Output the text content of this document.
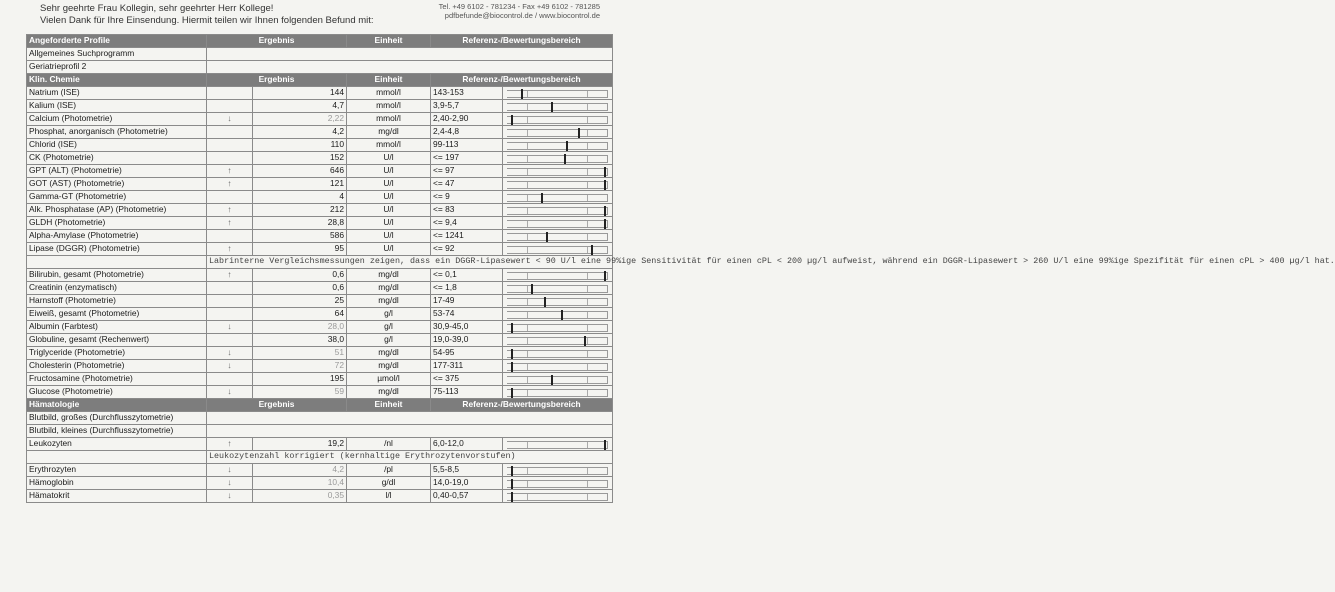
Sehr geehrte Frau Kollegin, sehr geehrter Herr Kollege!
Vielen Dank für Ihre Einsendung. Hiermit teilen wir Ihnen folgenden Befund mit:
Tel. +49 6102 - 781234 - Fax +49 6102 - 781285
pdfbefunde@biocontrol.de / www.biocontrol.de
Angeforderte Profile	Ergebnis		Einheit	Referenz-/Bewertungsbereich	
Allgemeines Suchprogramm					
Geriatrieprofil 2					
Klin. Chemie	Ergebnis		Einheit	Referenz-/Bewertungsbereich	
Natrium (ISE)		144	mmol/l	143-153	

Kalium (ISE)		4,7	mmol/l	3,9-5,7	

Calcium (Photometrie)	↓	2,22	mmol/l	2,40-2,90	

Phosphat, anorganisch (Photometrie)		4,2	mg/dl	2,4-4,8	

Chlorid (ISE)		110	mmol/l	99-113	

CK (Photometrie)		152	U/l	<= 197	

GPT (ALT) (Photometrie)	↑	646	U/l	<= 97	

GOT (AST) (Photometrie)	↑	121	U/l	<= 47	

Gamma-GT (Photometrie)		4	U/l	<= 9	

Alk. Phosphatase (AP) (Photometrie)	↑	212	U/l	<= 83	

GLDH (Photometrie)	↑	28,8	U/l	<= 9,4	

Alpha-Amylase (Photometrie)		586	U/l	<= 1241	

Lipase (DGGR) (Photometrie)	↑	95	U/l	<= 92	

	Labrinterne Vergleichsmessungen zeigen, dass ein DGGR-Lipasewert < 90 U/l eine 99%ige Sensitivität für einen cPL < 200 µg/l aufweist, während ein DGGR-Lipasewert > 260 U/l eine 99%ige Spezifität für einen cPL > 400 µg/l hat.				
Bilirubin, gesamt (Photometrie)	↑	0,6	mg/dl	<= 0,1	

Creatinin (enzymatisch)		0,6	mg/dl	<= 1,8	

Harnstoff (Photometrie)		25	mg/dl	17-49	

Eiweiß, gesamt (Photometrie)		64	g/l	53-74	

Albumin (Farbtest)	↓	28,0	g/l	30,9-45,0	

Globuline, gesamt (Rechenwert)		38,0	g/l	19,0-39,0	

Triglyceride (Photometrie)	↓	51	mg/dl	54-95	

Cholesterin (Photometrie)	↓	72	mg/dl	177-311	

Fructosamine (Photometrie)		195	µmol/l	<= 375	

Glucose (Photometrie)	↓	59	mg/dl	75-113	

Hämatologie	Ergebnis		Einheit	Referenz-/Bewertungsbereich	
Blutbild, großes (Durchflusszytometrie)					
Blutbild, kleines (Durchflusszytometrie)					
Leukozyten	↑	19,2	/nl	6,0-12,0	

	Leukozytenzahl korrigiert (kernhaltige Erythrozytenvorstufen)				
Erythrozyten	↓	4,2	/pl	5,5-8,5	

Hämoglobin	↓	10,4	g/dl	14,0-19,0	

Hämatokrit	↓	0,35	l/l	0,40-0,57	
